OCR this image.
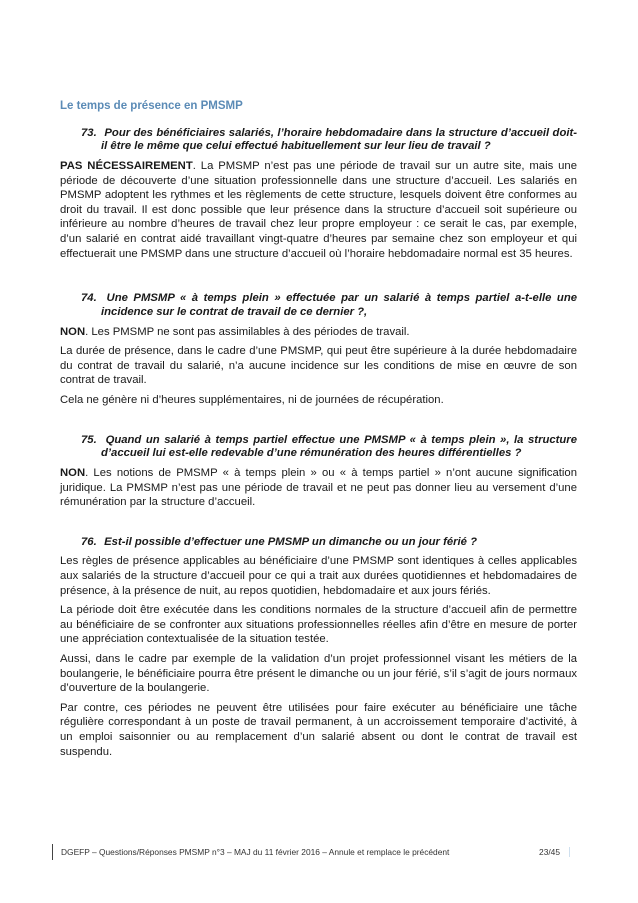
Le temps de présence en PMSMP

73. Pour des bénéficiaires salariés, l’horaire hebdomadaire dans la structure d’accueil doit-il être le même que celui effectué habituellement sur leur lieu de travail ?

PAS NÉCESSAIREMENT. La PMSMP n’est pas une période de travail sur un autre site, mais une période de découverte d’une situation professionnelle dans une structure d’accueil. Les salariés en PMSMP adoptent les rythmes et les règlements de cette structure, lesquels doivent être conformes au droit du travail. Il est donc possible que leur présence dans la structure d’accueil soit supérieure ou inférieure au nombre d’heures de travail chez leur propre employeur : ce serait le cas, par exemple, d’un salarié en contrat aidé travaillant vingt-quatre d’heures par semaine chez son employeur et qui effectuerait une PMSMP dans une structure d’accueil où l’horaire hebdomadaire normal est 35 heures.

74. Une PMSMP « à temps plein » effectuée par un salarié à temps partiel a-t-elle une incidence sur le contrat de travail de ce dernier ?,

NON. Les PMSMP ne sont pas assimilables à des périodes de travail.

La durée de présence, dans le cadre d’une PMSMP, qui peut être supérieure à la durée hebdomadaire du contrat de travail du salarié, n’a aucune incidence sur les conditions de mise en œuvre de son contrat de travail.

Cela ne génère ni d’heures supplémentaires, ni de journées de récupération.

75. Quand un salarié à temps partiel effectue une PMSMP « à temps plein », la structure d’accueil lui est-elle redevable d’une rémunération des heures différentielles ?

NON. Les notions de PMSMP « à temps plein » ou « à temps partiel » n’ont aucune signification juridique. La PMSMP n’est pas une période de travail et ne peut pas donner lieu au versement d’une rémunération par la structure d’accueil.

76. Est-il possible d’effectuer une PMSMP un dimanche ou un jour férié ?

Les règles de présence applicables au bénéficiaire d’une PMSMP sont identiques à celles applicables aux salariés de la structure d’accueil pour ce qui a trait aux durées quotidiennes et hebdomadaires de présence, à la présence de nuit, au repos quotidien, hebdomadaire et aux jours fériés.

La période doit être exécutée dans les conditions normales de la structure d’accueil afin de permettre au bénéficiaire de se confronter aux situations professionnelles réelles afin d’être en mesure de porter une appréciation contextualisée de la situation testée.

Aussi, dans le cadre par exemple de la validation d’un projet professionnel visant les métiers de la boulangerie, le bénéficiaire pourra être présent le dimanche ou un jour férié, s’il s’agit de jours normaux d’ouverture de la boulangerie.

Par contre, ces périodes ne peuvent être utilisées pour faire exécuter au bénéficiaire une tâche régulière correspondant à un poste de travail permanent, à un accroissement temporaire d’activité, à un emploi saisonnier ou au remplacement d’un salarié absent ou dont le contrat de travail est suspendu.

DGEFP – Questions/Réponses PMSMP n°3 – MAJ du 11 février 2016 – Annule et remplace le précédent	23/45
